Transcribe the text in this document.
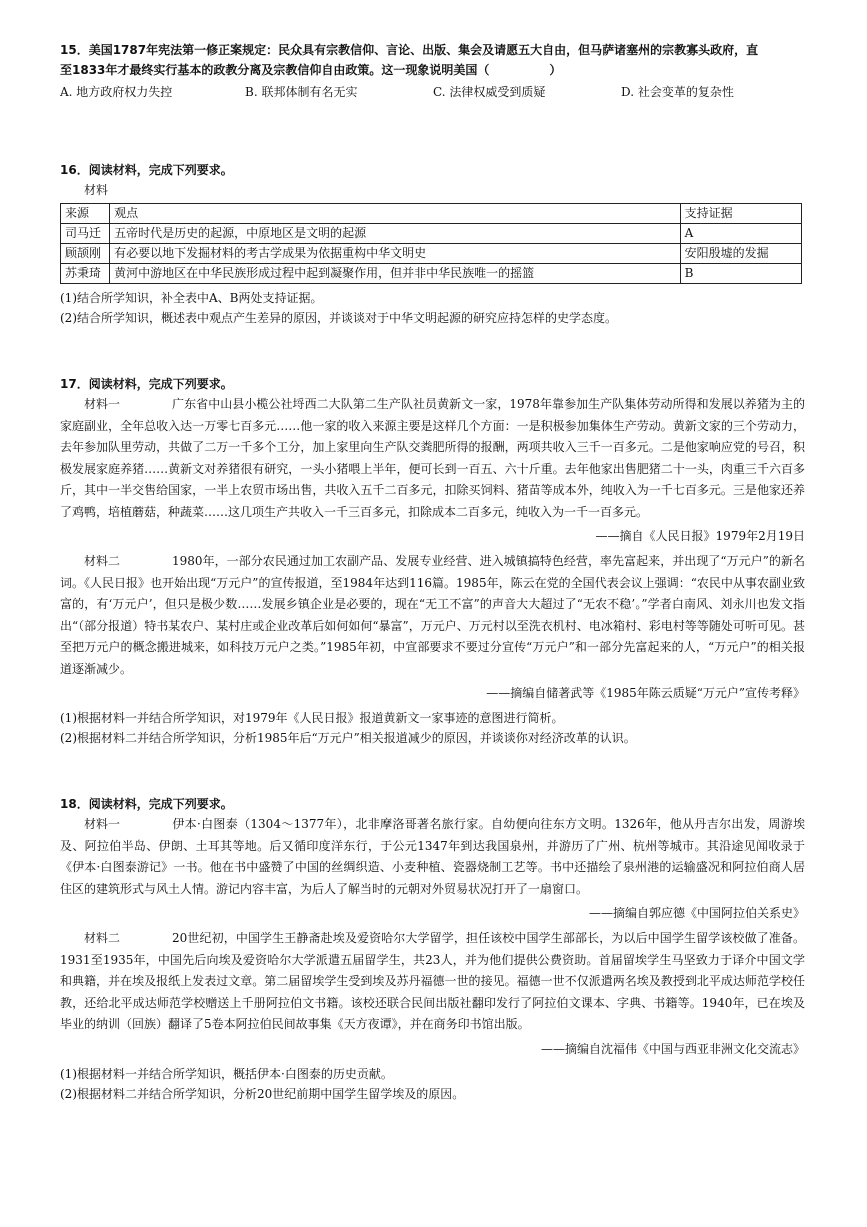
15．美国1787年宪法第一修正案规定：民众具有宗教信仰、言论、出版、集会及请愿五大自由，但马萨诸塞州的宗教寡头政府，直

至1833年才最终实行基本的政教分离及宗教信仰自由政策。这一现象说明美国（　　　　　）

A. 地方政府权力失控	B. 联邦体制有名无实	C. 法律权威受到质疑	D. 社会变革的复杂性

16．阅读材料，完成下列要求。

材料

来源	观点	支持证据
司马迁	五帝时代是历史的起源，中原地区是文明的起源	A
顾颉刚	有必要以地下发掘材料的考古学成果为依据重构中华文明史	安阳殷墟的发掘
苏秉琦	黄河中游地区在中华民族形成过程中起到凝聚作用，但并非中华民族唯一的摇篮	B

(1)结合所学知识，补全表中A、B两处支持证据。

(2)结合所学知识，概述表中观点产生差异的原因，并谈谈对于中华文明起源的研究应持怎样的史学态度。

17．阅读材料，完成下列要求。

材料一	广东省中山县小榄公社埒西二大队第二生产队社员黄新文一家，1978年靠参加生产队集体劳动所得和发展以养猪为主的家庭副业，全年总收入达一万零七百多元……他一家的收入来源主要是这样几个方面：一是积极参加集体生产劳动。黄新文家的三个劳动力，去年参加队里劳动，共做了二万一千多个工分，加上家里向生产队交粪肥所得的报酬，两项共收入三千一百多元。二是他家响应党的号召，积极发展家庭养猪……黄新文对养猪很有研究，一头小猪喂上半年，便可长到一百五、六十斤重。去年他家出售肥猪二十一头，肉重三千六百多斤，其中一半交售给国家，一半上农贸市场出售，共收入五千二百多元，扣除买饲料、猪苗等成本外，纯收入为一千七百多元。三是他家还养了鸡鸭，培植蘑菇，种蔬菜……这几项生产共收入一千三百多元，扣除成本二百多元，纯收入为一千一百多元。

——摘自《人民日报》1979年2月19日

材料二	1980年，一部分农民通过加工农副产品、发展专业经营、进入城镇搞特色经营，率先富起来，并出现了“万元户”的新名词。《人民日报》也开始出现“万元户”的宣传报道，至1984年达到116篇。1985年，陈云在党的全国代表会议上强调：“农民中从事农副业致富的，有‘万元户’，但只是极少数……发展乡镇企业是必要的，现在“无工不富”的声音大大超过了“无农不稳’。”学者白南风、刘永川也发文指出“（部分报道）特书某农户、某村庄或企业改革后如何如何“暴富”，万元户、万元村以至洗衣机村、电冰箱村、彩电村等等随处可听可见。甚至把万元户的概念搬进城来，如科技万元户之类。”1985年初，中宣部要求不要过分宣传“万元户”和一部分先富起来的人，“万元户”的相关报道逐渐减少。

——摘编自储著武等《1985年陈云质疑“万元户”宣传考释》

(1)根据材料一并结合所学知识，对1979年《人民日报》报道黄新文一家事迹的意图进行简析。

(2)根据材料二并结合所学知识，分析1985年后“万元户”相关报道减少的原因，并谈谈你对经济改革的认识。

18．阅读材料，完成下列要求。

材料一	伊本·白图泰（1304～1377年），北非摩洛哥著名旅行家。自幼便向往东方文明。1326年，他从丹吉尔出发，周游埃及、阿拉伯半岛、伊朗、土耳其等地。后又循印度洋东行，于公元1347年到达我国泉州，并游历了广州、杭州等城市。其沿途见闻收录于《伊本·白图泰游记》一书。他在书中盛赞了中国的丝绸织造、小麦种植、瓷器烧制工艺等。书中还描绘了泉州港的运输盛况和阿拉伯商人居住区的建筑形式与风土人情。游记内容丰富，为后人了解当时的元朝对外贸易状况打开了一扇窗口。

——摘编自郭应德《中国阿拉伯关系史》

材料二	20世纪初，中国学生王静斋赴埃及爱资哈尔大学留学，担任该校中国学生部部长，为以后中国学生留学该校做了准备。1931至1935年，中国先后向埃及爱资哈尔大学派遣五届留学生，共23人，并为他们提供公费资助。首届留埃学生马坚致力于译介中国文学和典籍，并在埃及报纸上发表过文章。第二届留埃学生受到埃及苏丹福德一世的接见。福德一世不仅派遣两名埃及教授到北平成达师范学校任教，还给北平成达师范学校赠送上千册阿拉伯文书籍。该校还联合民间出版社翻印发行了阿拉伯文课本、字典、书籍等。1940年，已在埃及毕业的纳训（回族）翻译了5卷本阿拉伯民间故事集《天方夜谭》，并在商务印书馆出版。

——摘编自沈福伟《中国与西亚非洲文化交流志》

(1)根据材料一并结合所学知识，概括伊本·白图泰的历史贡献。

(2)根据材料二并结合所学知识，分析20世纪前期中国学生留学埃及的原因。
